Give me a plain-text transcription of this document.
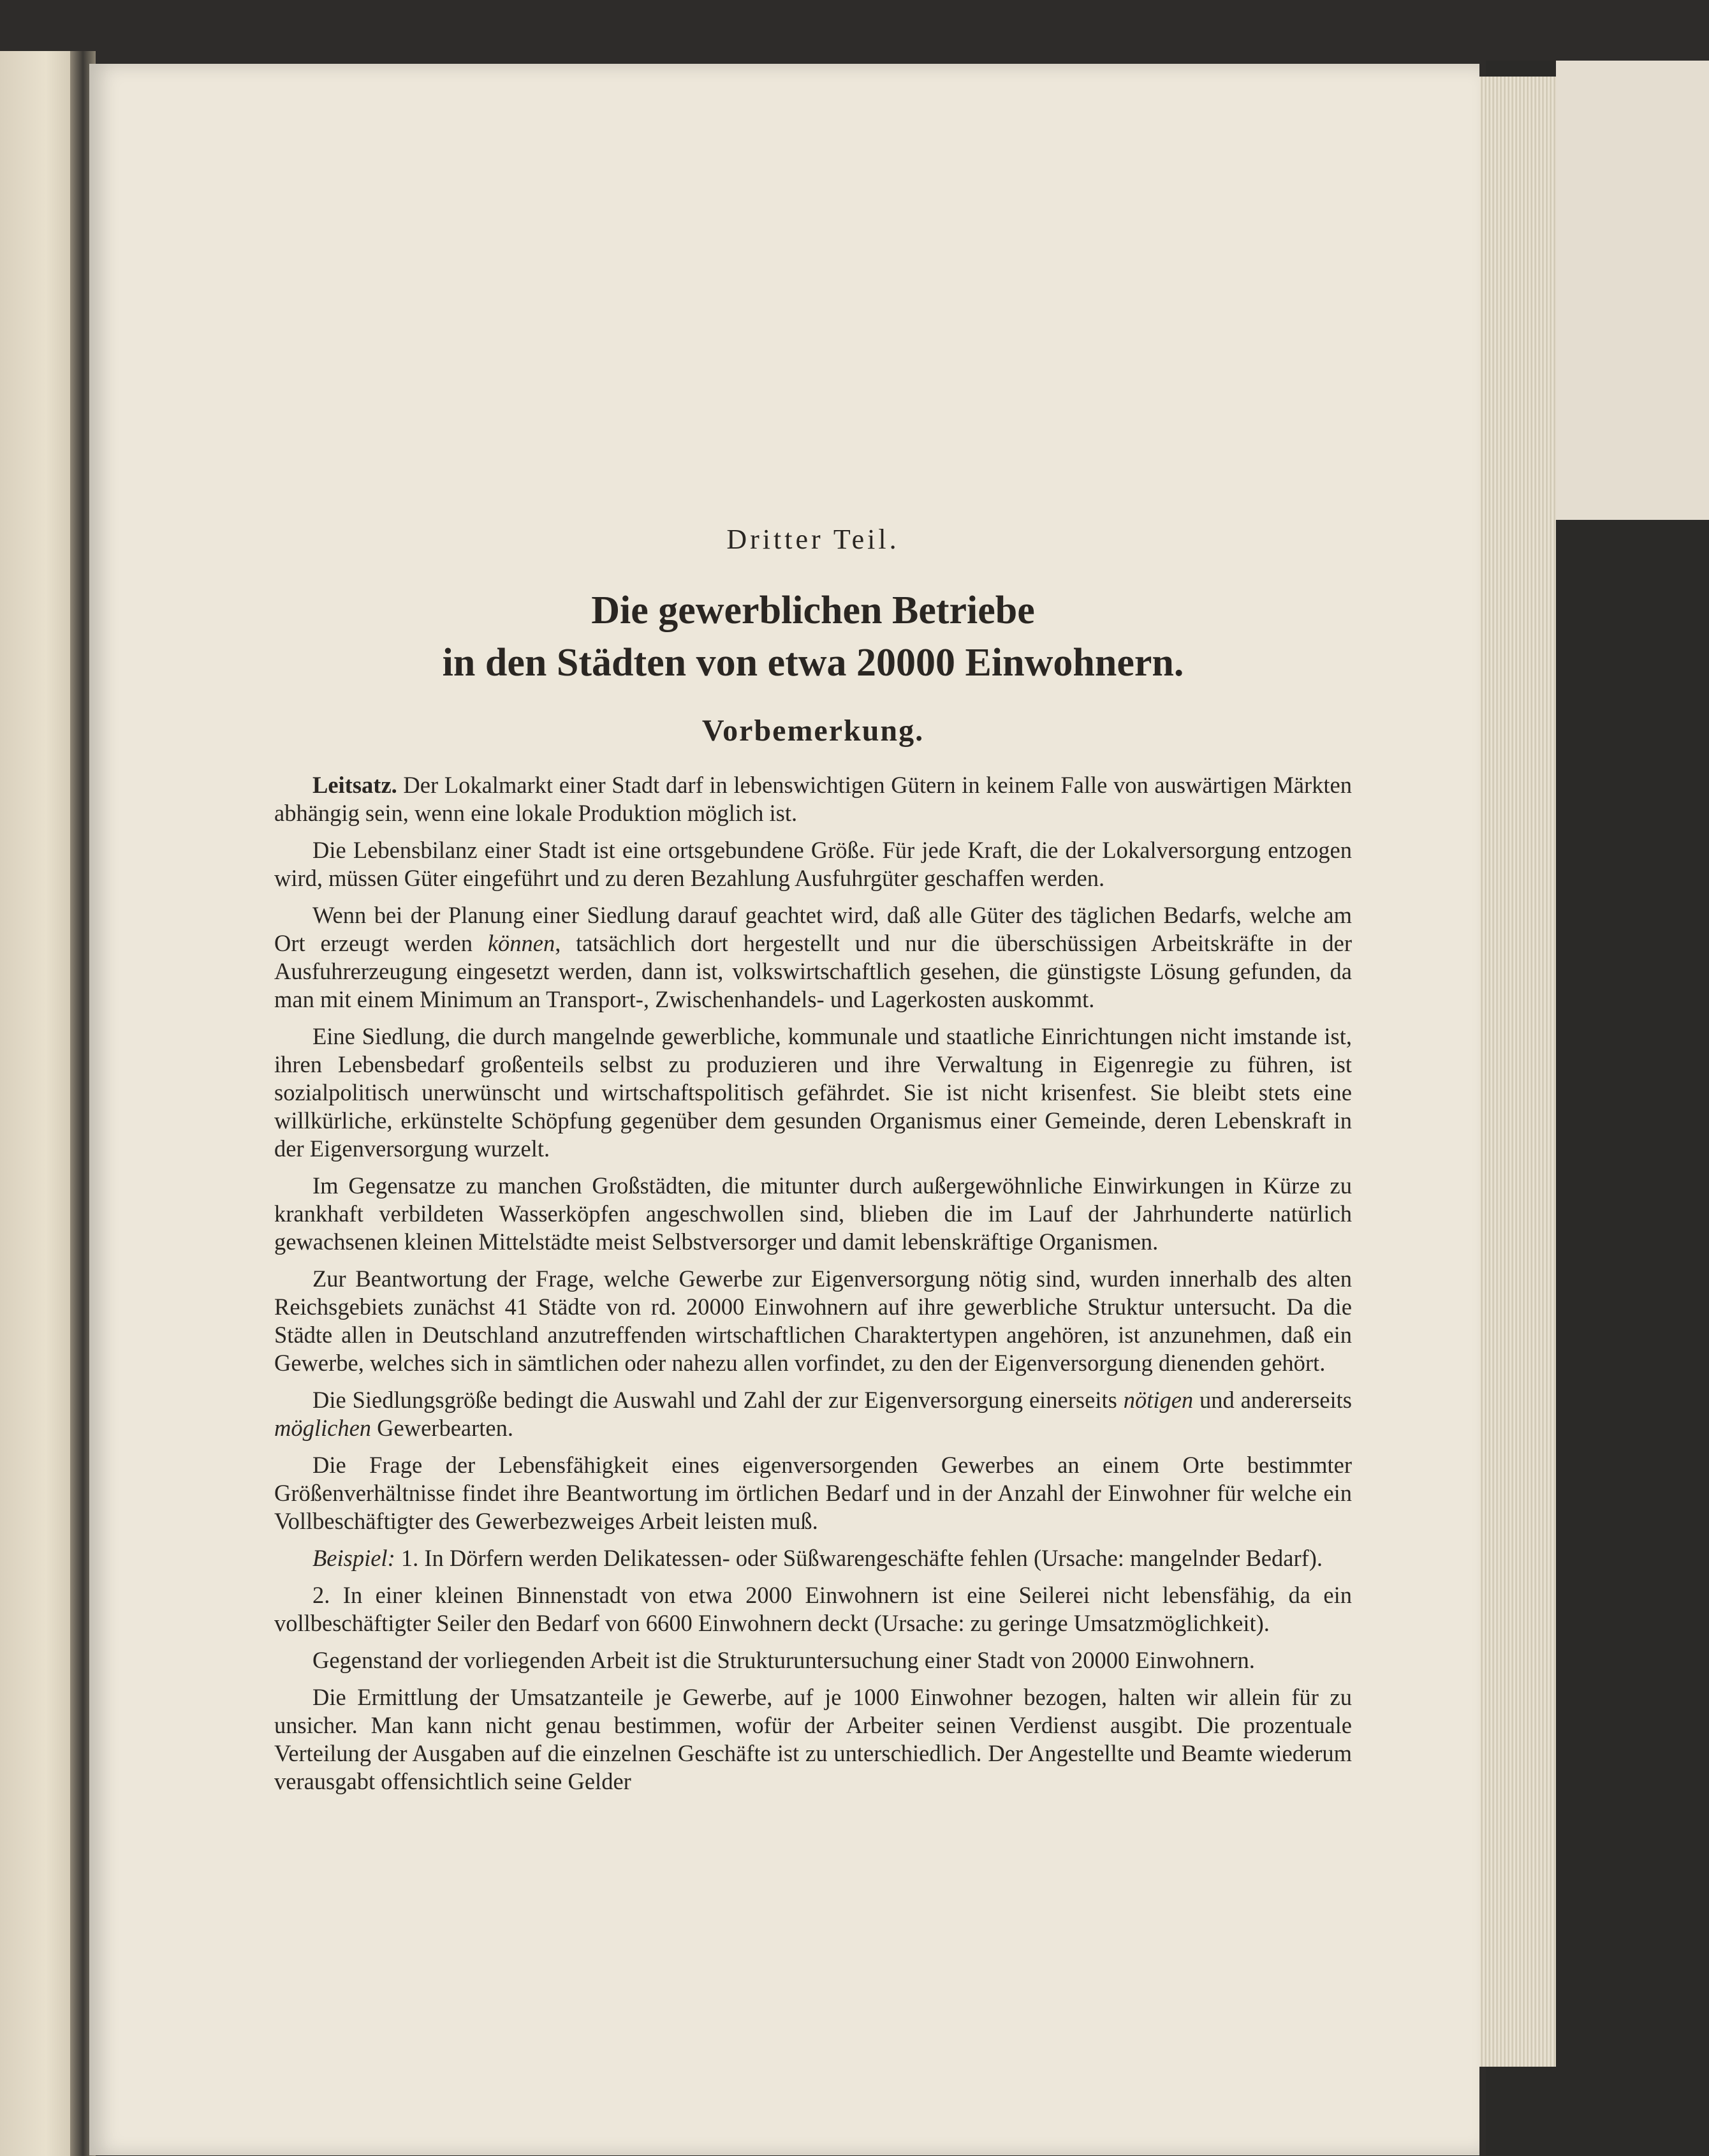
Dritter Teil.
Die gewerblichen Betriebe
in den Städten von etwa 20000 Einwohnern.
Vorbemerkung.

Leitsatz. Der Lokalmarkt einer Stadt darf in lebenswichtigen Gütern in keinem Falle von auswärtigen Märkten abhängig sein, wenn eine lokale Produktion möglich ist.

Die Lebensbilanz einer Stadt ist eine ortsgebundene Größe. Für jede Kraft, die der Lokalversorgung entzogen wird, müssen Güter eingeführt und zu deren Bezahlung Ausfuhrgüter geschaffen werden.

Wenn bei der Planung einer Siedlung darauf geachtet wird, daß alle Güter des täglichen Bedarfs, welche am Ort erzeugt werden können, tatsächlich dort hergestellt und nur die überschüssigen Arbeitskräfte in der Ausfuhrerzeugung eingesetzt werden, dann ist, volkswirtschaftlich gesehen, die günstigste Lösung gefunden, da man mit einem Minimum an Transport-, Zwischenhandels- und Lagerkosten auskommt.

Eine Siedlung, die durch mangelnde gewerbliche, kommunale und staatliche Einrichtungen nicht imstande ist, ihren Lebensbedarf großenteils selbst zu produzieren und ihre Verwaltung in Eigenregie zu führen, ist sozialpolitisch unerwünscht und wirtschaftspolitisch gefährdet. Sie ist nicht krisenfest. Sie bleibt stets eine willkürliche, erkünstelte Schöpfung gegenüber dem gesunden Organismus einer Gemeinde, deren Lebenskraft in der Eigenversorgung wurzelt.

Im Gegensatze zu manchen Großstädten, die mitunter durch außergewöhnliche Einwirkungen in Kürze zu krankhaft verbildeten Wasserköpfen angeschwollen sind, blieben die im Lauf der Jahrhunderte natürlich gewachsenen kleinen Mittelstädte meist Selbstversorger und damit lebenskräftige Organismen.

Zur Beantwortung der Frage, welche Gewerbe zur Eigenversorgung nötig sind, wurden innerhalb des alten Reichsgebiets zunächst 41 Städte von rd. 20000 Einwohnern auf ihre gewerbliche Struktur untersucht. Da die Städte allen in Deutschland anzutreffenden wirtschaftlichen Charaktertypen angehören, ist anzunehmen, daß ein Gewerbe, welches sich in sämtlichen oder nahezu allen vorfindet, zu den der Eigenversorgung dienenden gehört.

Die Siedlungsgröße bedingt die Auswahl und Zahl der zur Eigenversorgung einerseits nötigen und andererseits möglichen Gewerbearten.

Die Frage der Lebensfähigkeit eines eigenversorgenden Gewerbes an einem Orte bestimmter Größenverhältnisse findet ihre Beantwortung im örtlichen Bedarf und in der Anzahl der Einwohner für welche ein Vollbeschäftigter des Gewerbezweiges Arbeit leisten muß.

Beispiel: 1. In Dörfern werden Delikatessen- oder Süßwarengeschäfte fehlen (Ursache: mangelnder Bedarf).

2. In einer kleinen Binnenstadt von etwa 2000 Einwohnern ist eine Seilerei nicht lebensfähig, da ein vollbeschäftigter Seiler den Bedarf von 6600 Einwohnern deckt (Ursache: zu geringe Umsatzmöglichkeit).

Gegenstand der vorliegenden Arbeit ist die Strukturuntersuchung einer Stadt von 20000 Einwohnern.

Die Ermittlung der Umsatzanteile je Gewerbe, auf je 1000 Einwohner bezogen, halten wir allein für zu unsicher. Man kann nicht genau bestimmen, wofür der Arbeiter seinen Verdienst ausgibt. Die prozentuale Verteilung der Ausgaben auf die einzelnen Geschäfte ist zu unterschiedlich. Der Angestellte und Beamte wiederum verausgabt offensichtlich seine Gelder
